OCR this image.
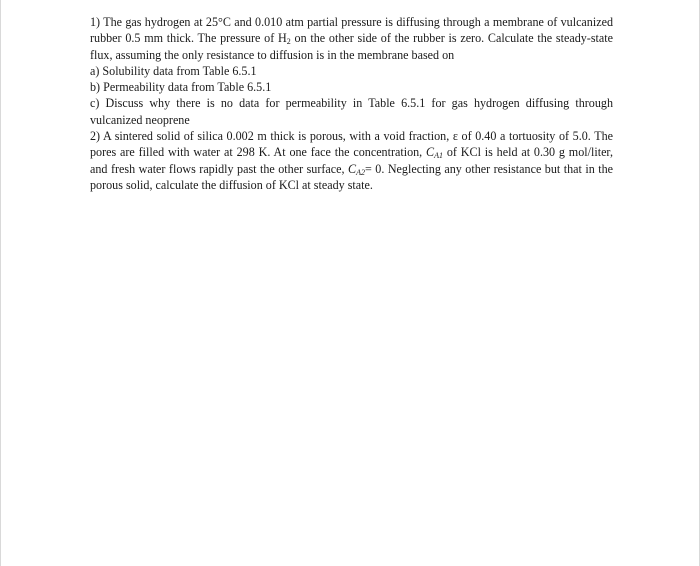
1) The gas hydrogen at 25°C and 0.010 atm partial pressure is diffusing through a membrane of vulcanized rubber 0.5 mm thick. The pressure of $H_2$ on the other side of the rubber is zero. Calculate the steady-state flux, assuming the only resistance to diffusion is in the membrane based on

a) Solubility data from Table 6.5.1

b) Permeability data from Table 6.5.1

c) Discuss why there is no data for permeability in Table 6.5.1 for gas hydrogen diffusing through vulcanized neoprene

2) A sintered solid of silica 0.002 m thick is porous, with a void fraction, ε of 0.40 a tortuosity of 5.0. The pores are filled with water at 298 K. At one face the concentration, $C_{A1}$ of KCl is held at 0.30 g mol/liter, and fresh water flows rapidly past the other surface, $C_{A2}= 0$. Neglecting any other resistance but that in the porous solid, calculate the diffusion of KCl at steady state.
